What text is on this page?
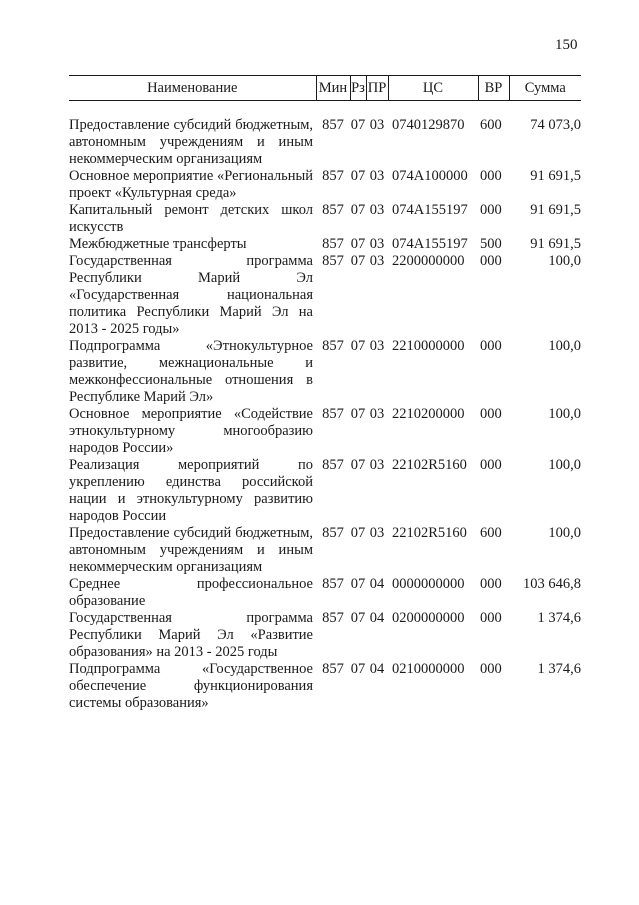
150
Наименование	Мин	Рз	ПР	ЦС	ВР	Сумма

Предоставление субсидий бюджетным, автономным учреждениям и иным некоммерческим организациям	857	07	03	0740129870	600	74 073,0
Основное мероприятие «Региональный проект «Культурная среда»	857	07	03	074A100000	000	91 691,5
Капитальный ремонт детских школ искусств	857	07	03	074A155197	000	91 691,5
Межбюджетные трансферты	857	07	03	074A155197	500	91 691,5
Государственная программа Республики Марий Эл «Государственная национальная политика Республики Марий Эл на 2013 - 2025 годы»	857	07	03	2200000000	000	100,0
Подпрограмма «Этнокультурное развитие, межнациональные и межконфессиональные отношения в Республике Марий Эл»	857	07	03	2210000000	000	100,0
Основное мероприятие «Содействие этнокультурному многообразию народов России»	857	07	03	2210200000	000	100,0
Реализация мероприятий по укреплению единства российской нации и этнокультурному развитию народов России	857	07	03	22102R5160	000	100,0
Предоставление субсидий бюджетным, автономным учреждениям и иным некоммерческим организациям	857	07	03	22102R5160	600	100,0
Среднее профессиональное образование	857	07	04	0000000000	000	103 646,8
Государственная программа Республики Марий Эл «Развитие образования» на 2013 - 2025 годы	857	07	04	0200000000	000	1 374,6
Подпрограмма «Государственное обеспечение функционирования системы образования»	857	07	04	0210000000	000	1 374,6
